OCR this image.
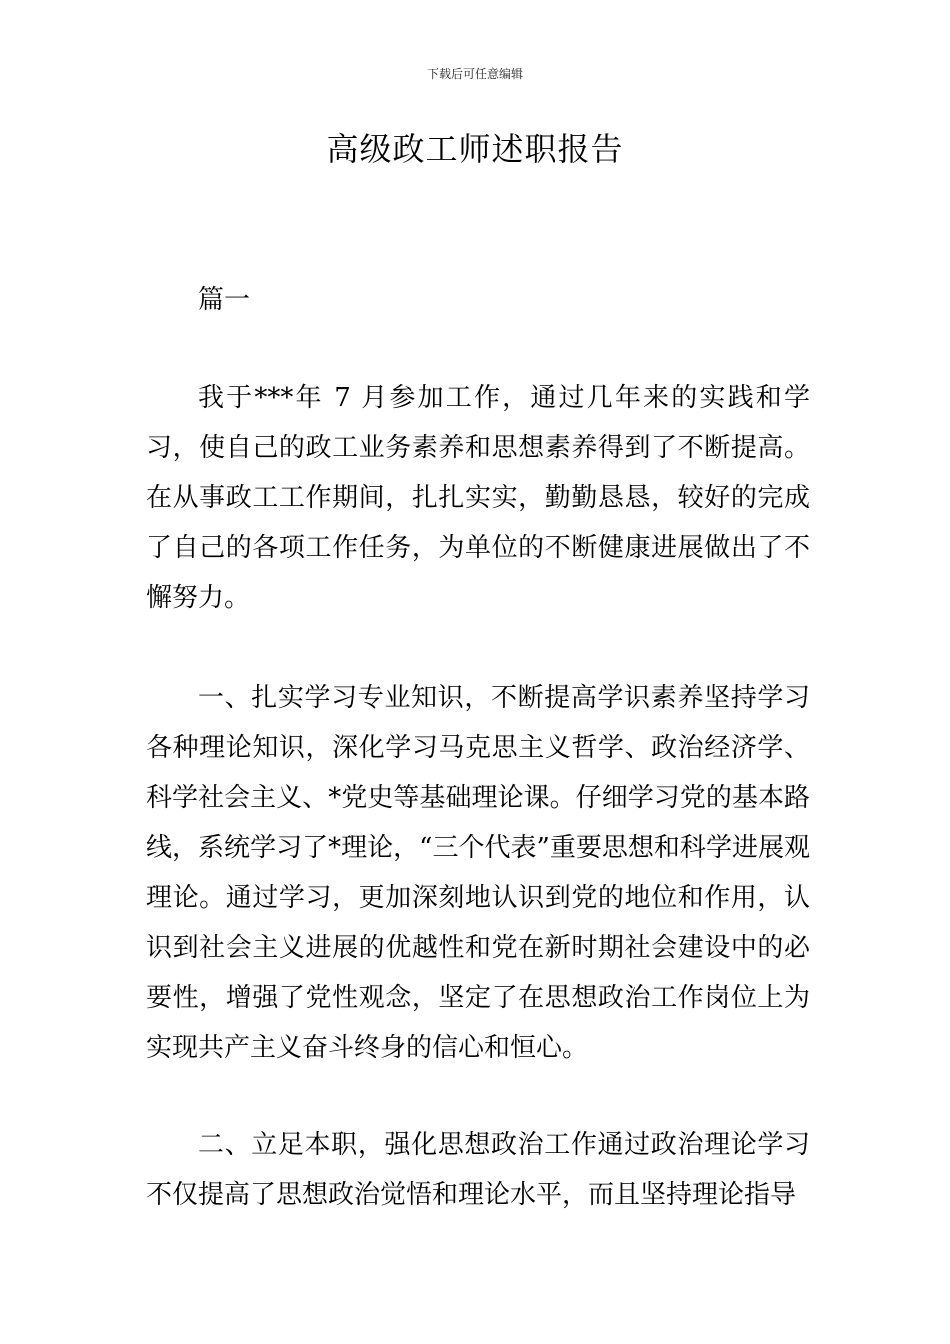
下载后可任意编辑
高级政工师述职报告

篇一

我于***年 7 月参加工作，通过几年来的实践和学习，使自己的政工业务素养和思想素养得到了不断提高。在从事政工工作期间，扎扎实实，勤勤恳恳，较好的完成了自己的各项工作任务，为单位的不断健康进展做出了不懈努力。

一、扎实学习专业知识，不断提高学识素养坚持学习各种理论知识，深化学习马克思主义哲学、政治经济学、科学社会主义、*党史等基础理论课。仔细学习党的基本路线，系统学习了*理论，“三个代表”重要思想和科学进展观理论。通过学习，更加深刻地认识到党的地位和作用，认识到社会主义进展的优越性和党在新时期社会建设中的必要性，增强了党性观念，坚定了在思想政治工作岗位上为实现共产主义奋斗终身的信心和恒心。

二、立足本职，强化思想政治工作通过政治理论学习不仅提高了思想政治觉悟和理论水平，而且坚持理论指导
